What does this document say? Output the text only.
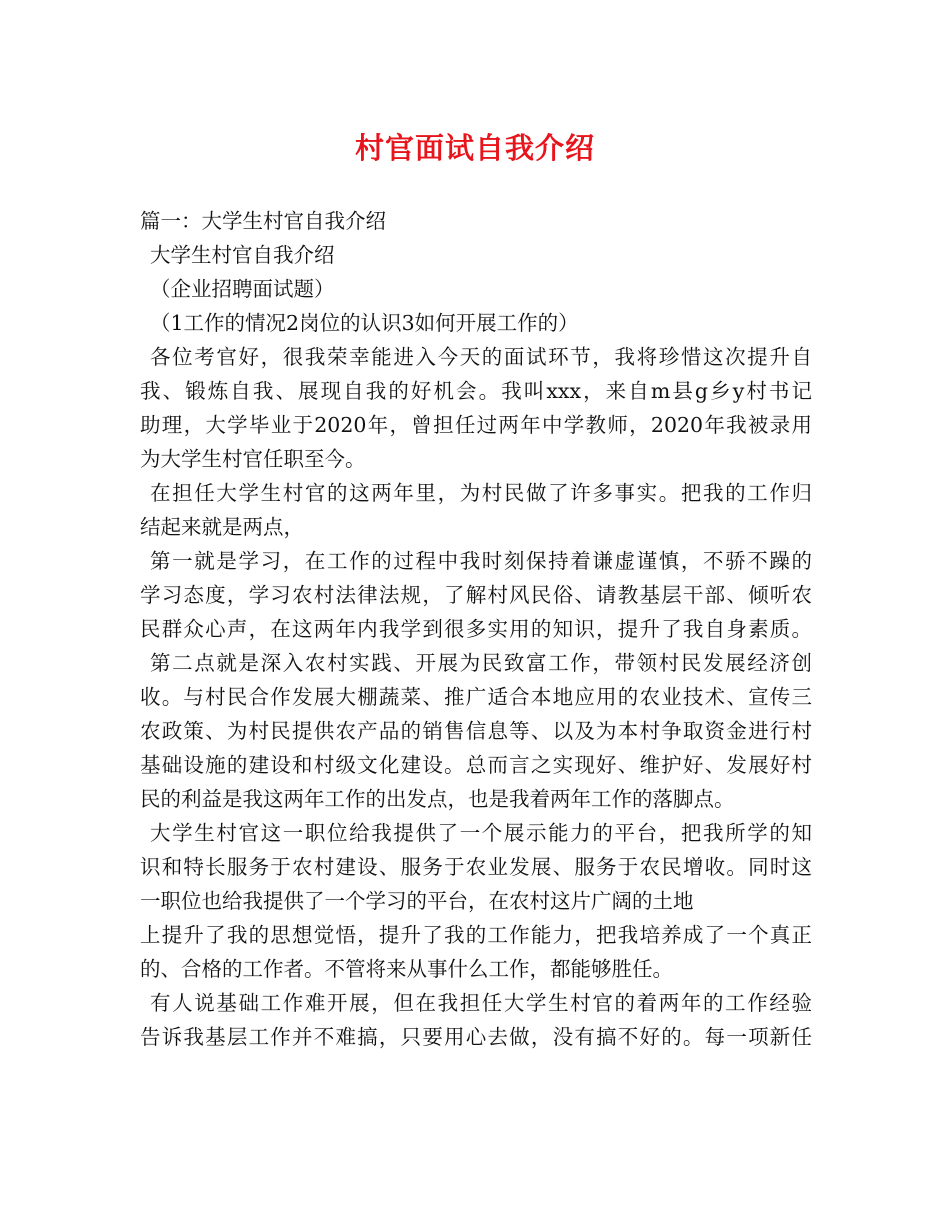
村官面试自我介绍
篇一：大学生村官自我介绍
大学生村官自我介绍
（企业招聘面试题）
（1工作的情况2岗位的认识3如何开展工作的）
各位考官好，很我荣幸能进入今天的面试环节，我将珍惜这次提升自
我、锻炼自我、展现自我的好机会。我叫xxx，来自m县g乡y村书记
助理，大学毕业于2020年，曾担任过两年中学教师，2020年我被录用
为大学生村官任职至今。
在担任大学生村官的这两年里，为村民做了许多事实。把我的工作归
结起来就是两点，
第一就是学习，在工作的过程中我时刻保持着谦虚谨慎，不骄不躁的
学习态度，学习农村法律法规，了解村风民俗、请教基层干部、倾听农
民群众心声，在这两年内我学到很多实用的知识，提升了我自身素质。
第二点就是深入农村实践、开展为民致富工作，带领村民发展经济创
收。与村民合作发展大棚蔬菜、推广适合本地应用的农业技术、宣传三
农政策、为村民提供农产品的销售信息等、以及为本村争取资金进行村
基础设施的建设和村级文化建设。总而言之实现好、维护好、发展好村
民的利益是我这两年工作的出发点，也是我着两年工作的落脚点。
大学生村官这一职位给我提供了一个展示能力的平台，把我所学的知
识和特长服务于农村建设、服务于农业发展、服务于农民增收。同时这
一职位也给我提供了一个学习的平台，在农村这片广阔的土地
上提升了我的思想觉悟，提升了我的工作能力，把我培养成了一个真正
的、合格的工作者。不管将来从事什么工作，都能够胜任。
有人说基础工作难开展，但在我担任大学生村官的着两年的工作经验
告诉我基层工作并不难搞，只要用心去做，没有搞不好的。每一项新任
